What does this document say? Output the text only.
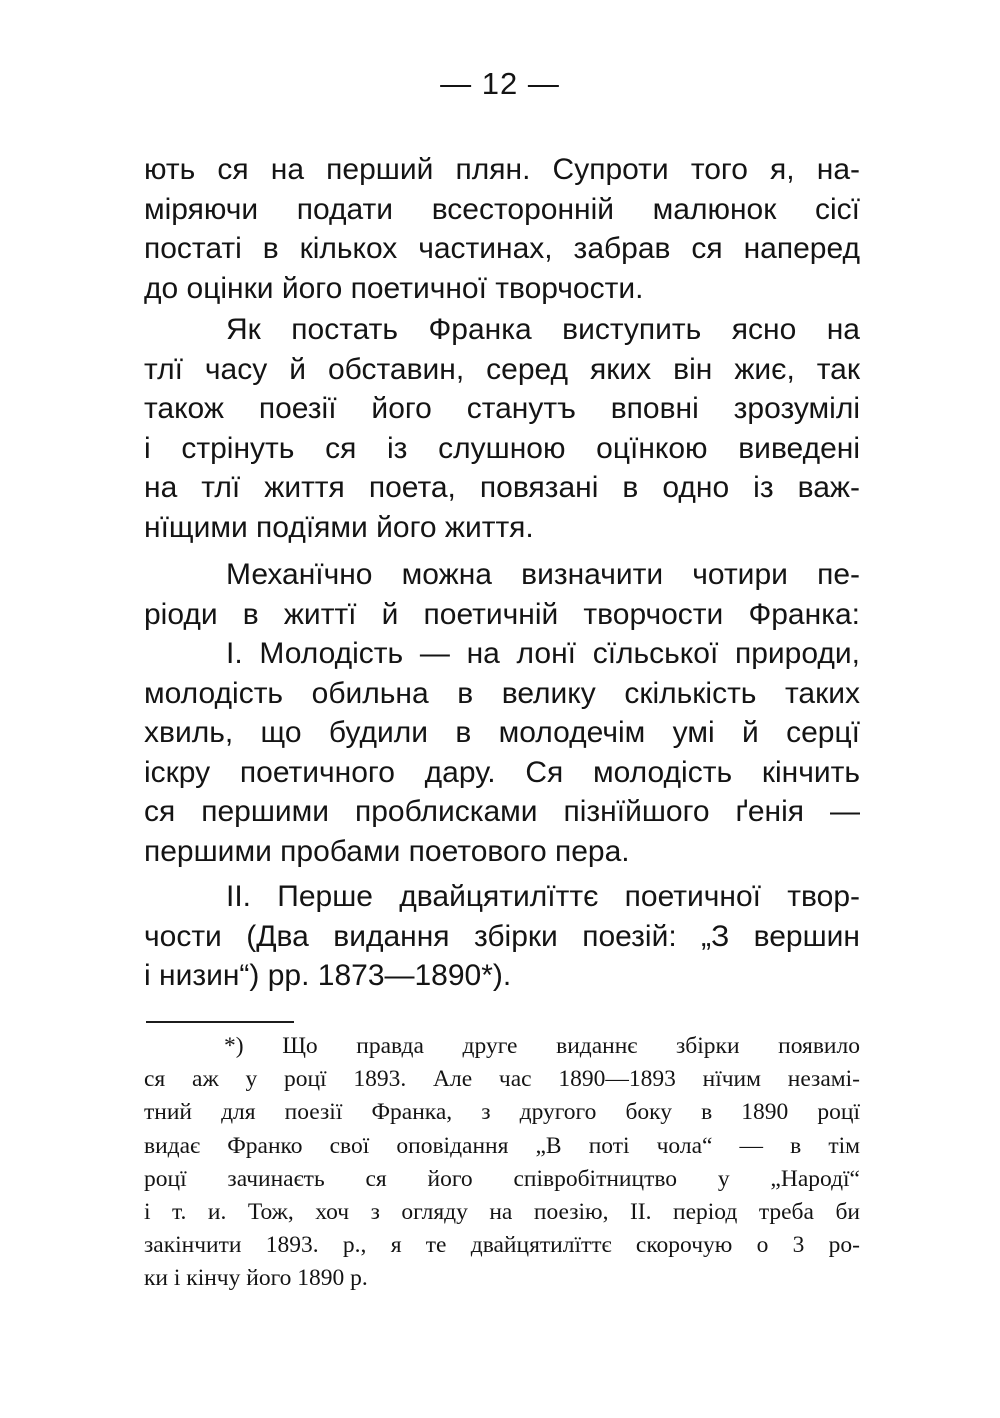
— 12 —
ють ся на перший плян. Супроти того я, на-
міряючи подати всесторонній малюнок сісї
постаті в кількох частинах, забрав ся наперед
до оцінки його поетичної творчости.
Як постать Франка виступить ясно на
тлї часу й обставин, серед яких він жиє, так
також поезії його станутъ вповні зрозумілі
і стрінуть ся із слушною оцїнкою виведені
на тлї життя поета, повязані в одно із важ-
нїщими подїями його життя.
Механїчно можна визначити чотири пе-
ріоди в життї й поетичній творчости Франка:
І. Молодість — на лонї сїльської природи,
молодість обильна в велику скількість таких
хвиль, що будили в молодечім умі й серцї
іскру поетичного дару. Ся молодість кінчить
ся першими проблисками пізнїйшого ґенія —
першими пробами поетового пера.
ІІ. Перше двайцятилїттє поетичної твор-
чости (Два видання збірки поезій: „З вершин
і низин“) рр. 1873—1890*).
*) Що правда друге виданнє збірки появило
ся аж у роцї 1893. Але час 1890—1893 нїчим незамі-
тний для поезії Франка, з другого боку в 1890 роцї
видає Франко свої оповідання „В поті чола“ — в тім
роцї зачинаєть ся його співробітництво у „Народї“
і т. и. Тож, хоч з огляду на поезію, II. період треба би
закінчити 1893. р., я те двайцятилїттє скорочую о 3 ро-
ки і кінчу його 1890 р.
